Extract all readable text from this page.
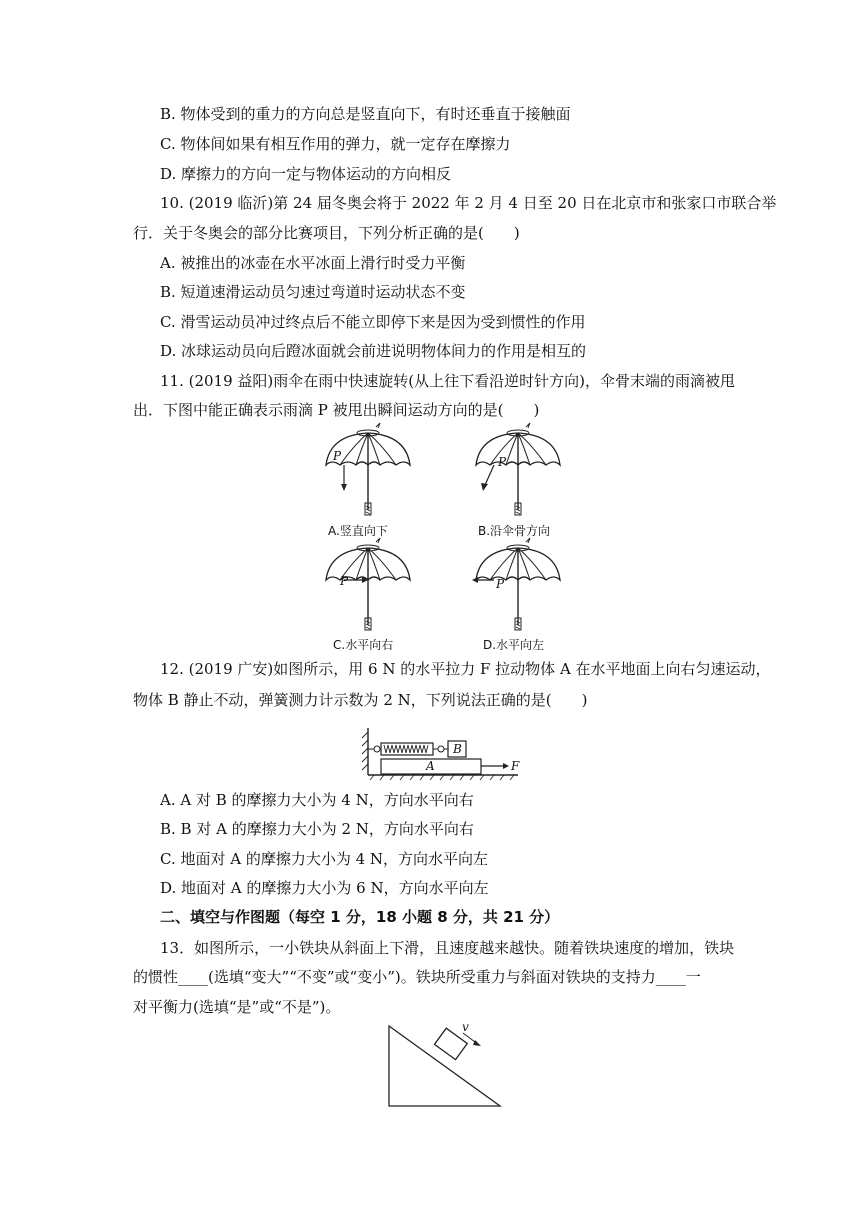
B. 物体受到的重力的方向总是竖直向下，有时还垂直于接触面
C. 物体间如果有相互作用的弹力，就一定存在摩擦力
D. 摩擦力的方向一定与物体运动的方向相反
10. (2019 临沂)第 24 届冬奥会将于 2022 年 2 月 4 日至 20 日在北京市和张家口市联合举
行．关于冬奥会的部分比赛项目，下列分析正确的是(　　)
A. 被推出的冰壶在水平冰面上滑行时受力平衡
B. 短道速滑运动员匀速过弯道时运动状态不变
C. 滑雪运动员冲过终点后不能立即停下来是因为受到惯性的作用
D. 冰球运动员向后蹬冰面就会前进说明物体间力的作用是相互的
11. (2019 益阳)雨伞在雨中快速旋转(从上往下看沿逆时针方向)，伞骨末端的雨滴被甩
出．下图中能正确表示雨滴 P 被甩出瞬间运动方向的是(　　)
P
A.竖直向下
P
B.沿伞骨方向
P
C.水平向右
P
D.水平向左
12. (2019 广安)如图所示，用 6 N 的水平拉力 F 拉动物体 A 在水平地面上向右匀速运动，
物体 B 静止不动，弹簧测力计示数为 2 N，下列说法正确的是(　　)
B
A	F
A. A 对 B 的摩擦力大小为 4 N，方向水平向右
B. B 对 A 的摩擦力大小为 2 N，方向水平向右
C. 地面对 A 的摩擦力大小为 4 N，方向水平向左
D. 地面对 A 的摩擦力大小为 6 N，方向水平向左
二、填空与作图题（每空 1 分，18 小题 8 分，共 21 分）
13．如图所示，一小铁块从斜面上下滑，且速度越来越快。随着铁块速度的增加，铁块
的惯性____(选填“变大”“不变”或“变小”)。铁块所受重力与斜面对铁块的支持力____一
对平衡力(选填“是”或“不是”)。
v
